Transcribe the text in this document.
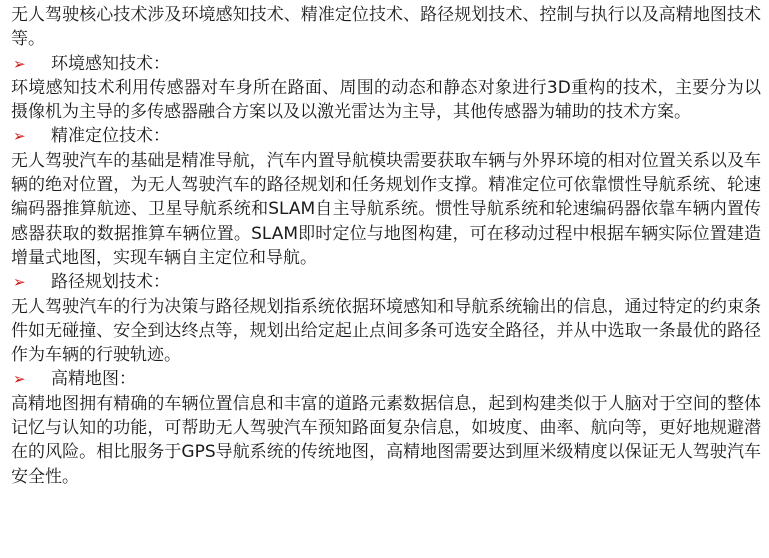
无人驾驶核心技术涉及环境感知技术、精准定位技术、路径规划技术、控制与执行以及高精地图技术等。

➢	环境感知技术：

环境感知技术利用传感器对车身所在路面、周围的动态和静态对象进行3D重构的技术，主要分为以摄像机为主导的多传感器融合方案以及以激光雷达为主导，其他传感器为辅助的技术方案。

➢	精准定位技术：

无人驾驶汽车的基础是精准导航，汽车内置导航模块需要获取车辆与外界环境的相对位置关系以及车辆的绝对位置，为无人驾驶汽车的路径规划和任务规划作支撑。精准定位可依靠惯性导航系统、轮速编码器推算航迹、卫星导航系统和SLAM自主导航系统。惯性导航系统和轮速编码器依靠车辆内置传感器获取的数据推算车辆位置。SLAM即时定位与地图构建，可在移动过程中根据车辆实际位置建造增量式地图，实现车辆自主定位和导航。

➢	路径规划技术：

无人驾驶汽车的行为决策与路径规划指系统依据环境感知和导航系统输出的信息，通过特定的约束条件如无碰撞、安全到达终点等，规划出给定起止点间多条可选安全路径，并从中选取一条最优的路径作为车辆的行驶轨迹。

➢	高精地图：

高精地图拥有精确的车辆位置信息和丰富的道路元素数据信息，起到构建类似于人脑对于空间的整体记忆与认知的功能，可帮助无人驾驶汽车预知路面复杂信息，如坡度、曲率、航向等，更好地规避潜在的风险。相比服务于GPS导航系统的传统地图，高精地图需要达到厘米级精度以保证无人驾驶汽车安全性。
